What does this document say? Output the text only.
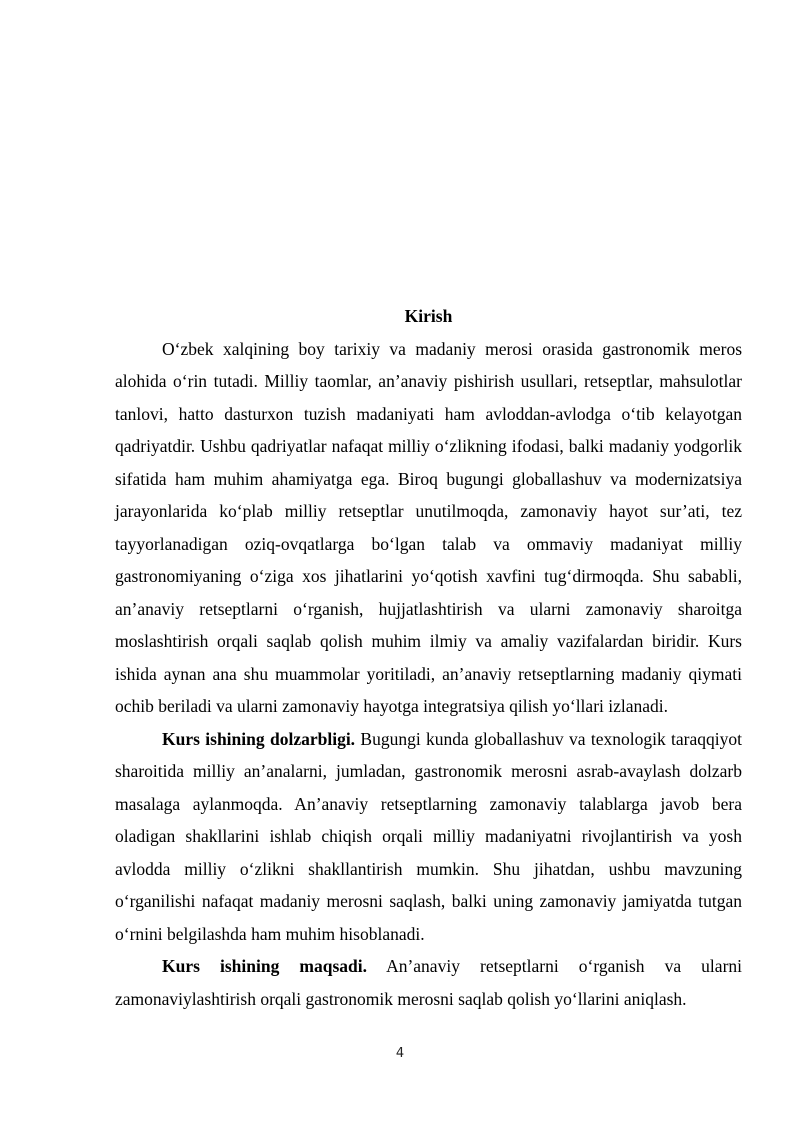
Kirish

O‘zbek xalqining boy tarixiy va madaniy merosi orasida gastronomik meros alohida o‘rin tutadi. Milliy taomlar, an’anaviy pishirish usullari, retseptlar, mahsulotlar tanlovi, hatto dasturxon tuzish madaniyati ham avloddan-avlodga o‘tib kelayotgan qadriyatdir. Ushbu qadriyatlar nafaqat milliy o‘zlikning ifodasi, balki madaniy yodgorlik sifatida ham muhim ahamiyatga ega. Biroq bugungi globallashuv va modernizatsiya jarayonlarida ko‘plab milliy retseptlar unutilmoqda, zamonaviy hayot sur’ati, tez tayyorlanadigan oziq-ovqatlarga bo‘lgan talab va ommaviy madaniyat milliy gastronomiyaning o‘ziga xos jihatlarini yo‘qotish xavfini tug‘dirmoqda. Shu sababli, an’anaviy retseptlarni o‘rganish, hujjatlashtirish va ularni zamonaviy sharoitga moslashtirish orqali saqlab qolish muhim ilmiy va amaliy vazifalardan biridir. Kurs ishida aynan ana shu muammolar yoritiladi, an’anaviy retseptlarning madaniy qiymati ochib beriladi va ularni zamonaviy hayotga integratsiya qilish yo‘llari izlanadi.

Kurs ishining dolzarbligi. Bugungi kunda globallashuv va texnologik taraqqiyot sharoitida milliy an’analarni, jumladan, gastronomik merosni asrab-avaylash dolzarb masalaga aylanmoqda. An’anaviy retseptlarning zamonaviy talablarga javob bera oladigan shakllarini ishlab chiqish orqali milliy madaniyatni rivojlantirish va yosh avlodda milliy o‘zlikni shakllantirish mumkin. Shu jihatdan, ushbu mavzuning o‘rganilishi nafaqat madaniy merosni saqlash, balki uning zamonaviy jamiyatda tutgan o‘rnini belgilashda ham muhim hisoblanadi.

Kurs ishining maqsadi. An’anaviy retseptlarni o‘rganish va ularni zamonaviylashtirish orqali gastronomik merosni saqlab qolish yo‘llarini aniqlash.

4
